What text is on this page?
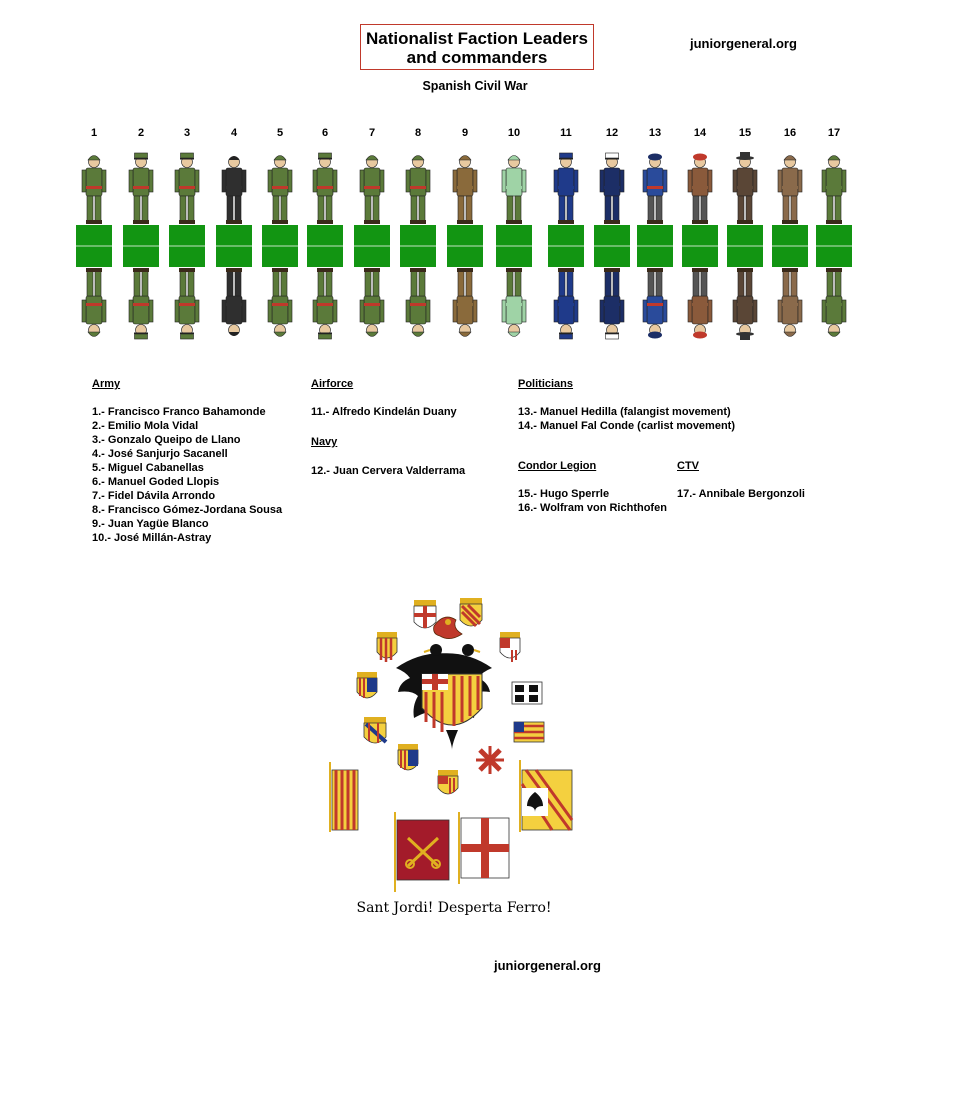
Nationalist Faction Leaders
and commanders
juniorgeneral.org
Spanish Civil War
1	2	3	4	5	6	7	8	9	10	11	12	13	14	15	16	17
Army
1.- Francisco Franco Bahamonde
2.- Emilio Mola Vidal
3.- Gonzalo Queipo de Llano
4.- José Sanjurjo Sacanell
5.- Miguel Cabanellas
6.- Manuel Goded Llopis
7.- Fidel Dávila Arrondo
8.- Francisco Gómez-Jordana Sousa
9.- Juan Yagüe Blanco
10.- José Millán-Astray
Airforce
11.- Alfredo Kindelán Duany
Navy
12.- Juan Cervera Valderrama
Politicians
13.- Manuel Hedilla (falangist movement)
14.- Manuel Fal Conde (carlist movement)
Condor Legion
15.- Hugo Sperrle
16.- Wolfram von Richthofen
CTV
17.- Annibale Bergonzoli
Sant Jordi! Desperta Ferro!
juniorgeneral.org
